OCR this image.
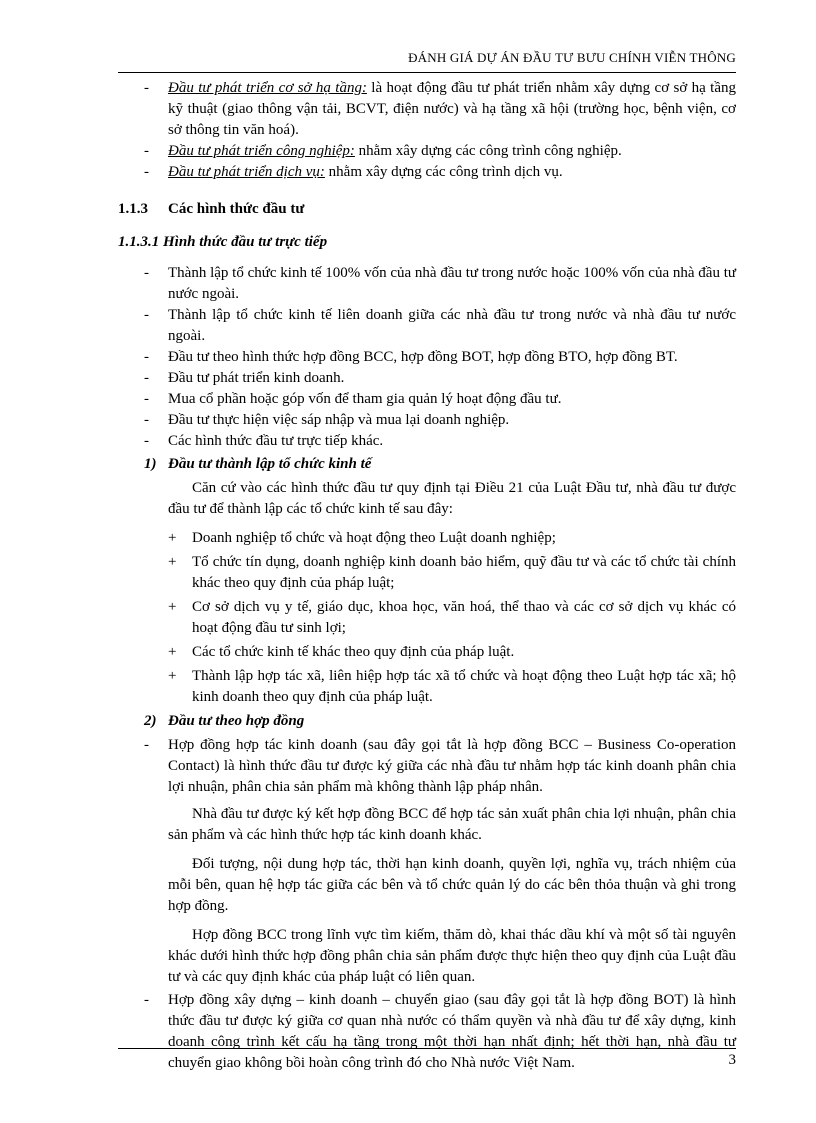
ĐÁNH GIÁ DỰ ÁN ĐẦU TƯ BƯU CHÍNH VIỄN THÔNG

- Đầu tư phát triển cơ sở hạ tầng: là hoạt động đầu tư phát triển nhằm xây dựng cơ sở hạ tầng kỹ thuật (giao thông vận tải, BCVT, điện nước) và hạ tầng xã hội (trường học, bệnh viện, cơ sở thông tin văn hoá).

- Đầu tư phát triển công nghiệp: nhằm xây dựng các công trình công nghiệp.

- Đầu tư phát triển dịch vụ: nhằm xây dựng các công trình dịch vụ.

1.1.3 Các hình thức đầu tư

1.1.3.1 Hình thức đầu tư trực tiếp

- Thành lập tổ chức kinh tế 100% vốn của nhà đầu tư trong nước hoặc 100% vốn của nhà đầu tư nước ngoài.

- Thành lập tổ chức kinh tế liên doanh giữa các nhà đầu tư trong nước và nhà đầu tư nước ngoài.

- Đầu tư theo hình thức hợp đồng BCC, hợp đồng BOT, hợp đồng BTO, hợp đồng BT.

- Đầu tư phát triển kinh doanh.

- Mua cổ phần hoặc góp vốn để tham gia quản lý hoạt động đầu tư.

- Đầu tư thực hiện việc sáp nhập và mua lại doanh nghiệp.

- Các hình thức đầu tư trực tiếp khác.

1) Đầu tư thành lập tổ chức kinh tế

Căn cứ vào các hình thức đầu tư quy định tại Điều 21 của Luật Đầu tư, nhà đầu tư được đầu tư để thành lập các tổ chức kinh tế sau đây:

+ Doanh nghiệp tổ chức và hoạt động theo Luật doanh nghiệp;

+ Tổ chức tín dụng, doanh nghiệp kinh doanh bảo hiểm, quỹ đầu tư và các tổ chức tài chính khác theo quy định của pháp luật;

+ Cơ sở dịch vụ y tế, giáo dục, khoa học, văn hoá, thể thao và các cơ sở dịch vụ khác có hoạt động đầu tư sinh lợi;

+ Các tổ chức kinh tế khác theo quy định của pháp luật.

+ Thành lập hợp tác xã, liên hiệp hợp tác xã tổ chức và hoạt động theo Luật hợp tác xã; hộ kinh doanh theo quy định của pháp luật.

2) Đầu tư theo hợp đồng

- Hợp đồng hợp tác kinh doanh (sau đây gọi tắt là hợp đồng BCC – Business Co-operation Contact) là hình thức đầu tư được ký giữa các nhà đầu tư nhằm hợp tác kinh doanh phân chia lợi nhuận, phân chia sản phẩm mà không thành lập pháp nhân.

Nhà đầu tư được ký kết hợp đồng BCC để hợp tác sản xuất phân chia lợi nhuận, phân chia sản phẩm và các hình thức hợp tác kinh doanh khác.

Đối tượng, nội dung hợp tác, thời hạn kinh doanh, quyền lợi, nghĩa vụ, trách nhiệm của mỗi bên, quan hệ hợp tác giữa các bên và tổ chức quản lý do các bên thỏa thuận và ghi trong hợp đồng.

Hợp đồng BCC trong lĩnh vực tìm kiếm, thăm dò, khai thác dầu khí và một số tài nguyên khác dưới hình thức hợp đồng phân chia sản phẩm được thực hiện theo quy định của Luật đầu tư và các quy định khác của pháp luật có liên quan.

- Hợp đồng xây dựng – kinh doanh – chuyển giao (sau đây gọi tắt là hợp đồng BOT) là hình thức đầu tư được ký giữa cơ quan nhà nước có thẩm quyền và nhà đầu tư để xây dựng, kinh doanh công trình kết cấu hạ tầng trong một thời hạn nhất định; hết thời hạn, nhà đầu tư chuyển giao không bồi hoàn công trình đó cho Nhà nước Việt Nam.	3
